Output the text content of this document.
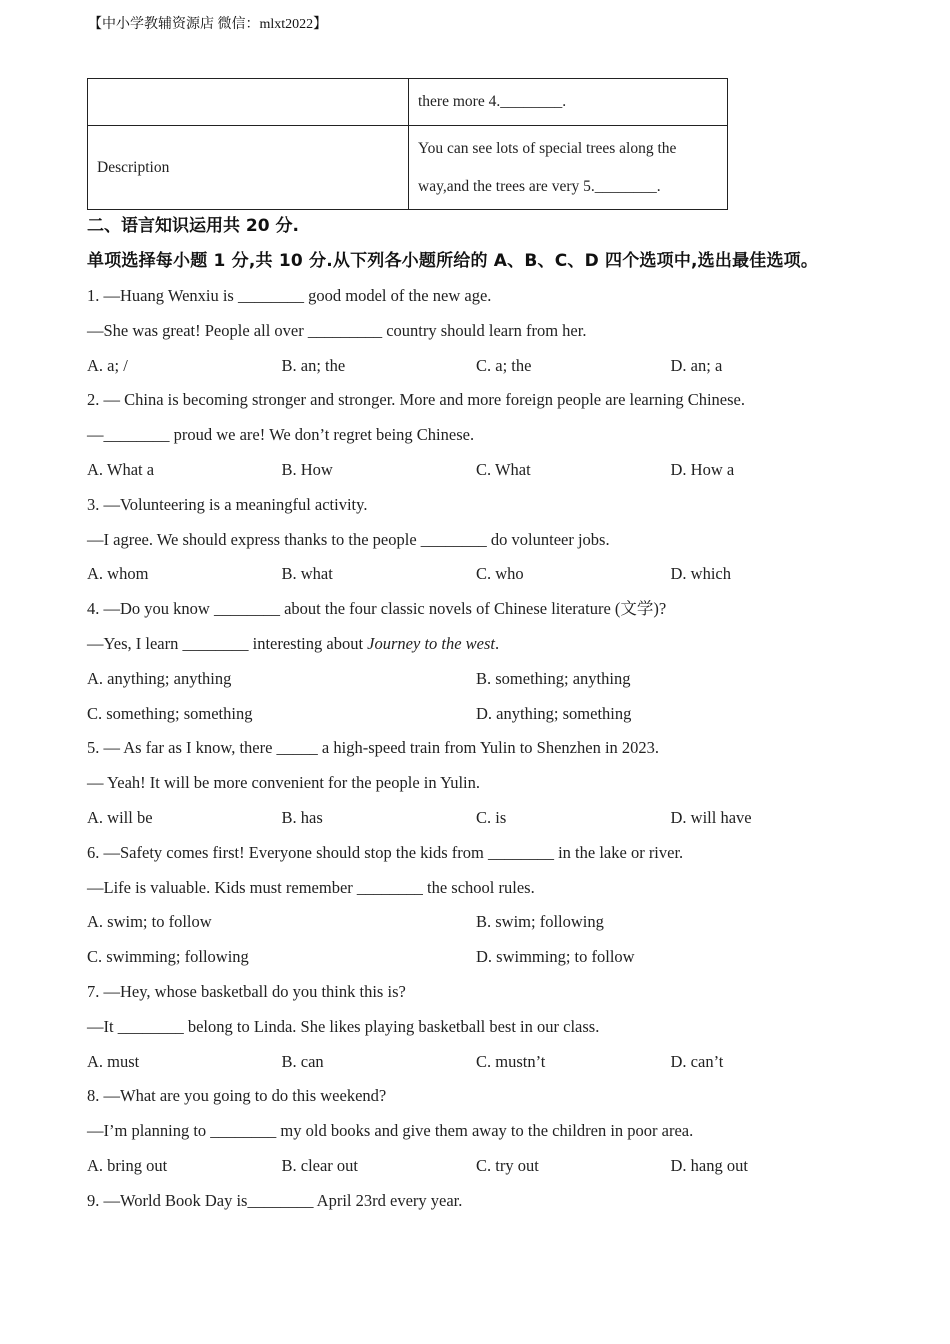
【中小学教辅资源店 微信：mlxt2022】
	there more 4.________.
Description	You can see lots of special trees along the
way,and the trees are very 5.________.
二、语言知识运用共 20 分.
单项选择每小题 1 分,共 10 分.从下列各小题所给的 A、B、C、D 四个选项中,选出最佳选项。
1. —Huang Wenxiu is ________ good model of the new age.
—She was great! People all over _________ country should learn from her.
A. a; /	B. an; the	C. a; the	D. an; a
2. — China is becoming stronger and stronger. More and more foreign people are learning Chinese.
—________ proud we are! We don’t regret being Chinese.
A. What a	B. How	C. What	D. How a
3. —Volunteering is a meaningful activity.
—I agree. We should express thanks to the people ________ do volunteer jobs.
A. whom	B. what	C. who	D. which
4. —Do you know ________ about the four classic novels of Chinese literature (文学)?
—Yes, I learn ________ interesting about Journey to the west.
A. anything; anything	B. something; anything
C. something; something	D. anything; something
5. — As far as I know, there _____ a high-speed train from Yulin to Shenzhen in 2023.
— Yeah! It will be more convenient for the people in Yulin.
A. will be	B. has	C. is	D. will have
6. —Safety comes first! Everyone should stop the kids from ________ in the lake or river.
—Life is valuable. Kids must remember ________ the school rules.
A. swim; to follow	B. swim; following
C. swimming; following	D. swimming; to follow
7. —Hey, whose basketball do you think this is?
—It ________ belong to Linda. She likes playing basketball best in our class.
A. must	B. can	C. mustn’t	D. can’t
8. —What are you going to do this weekend?
—I’m planning to ________ my old books and give them away to the children in poor area.
A. bring out	B. clear out	C. try out	D. hang out
9. —World Book Day is________ April 23rd every year.
